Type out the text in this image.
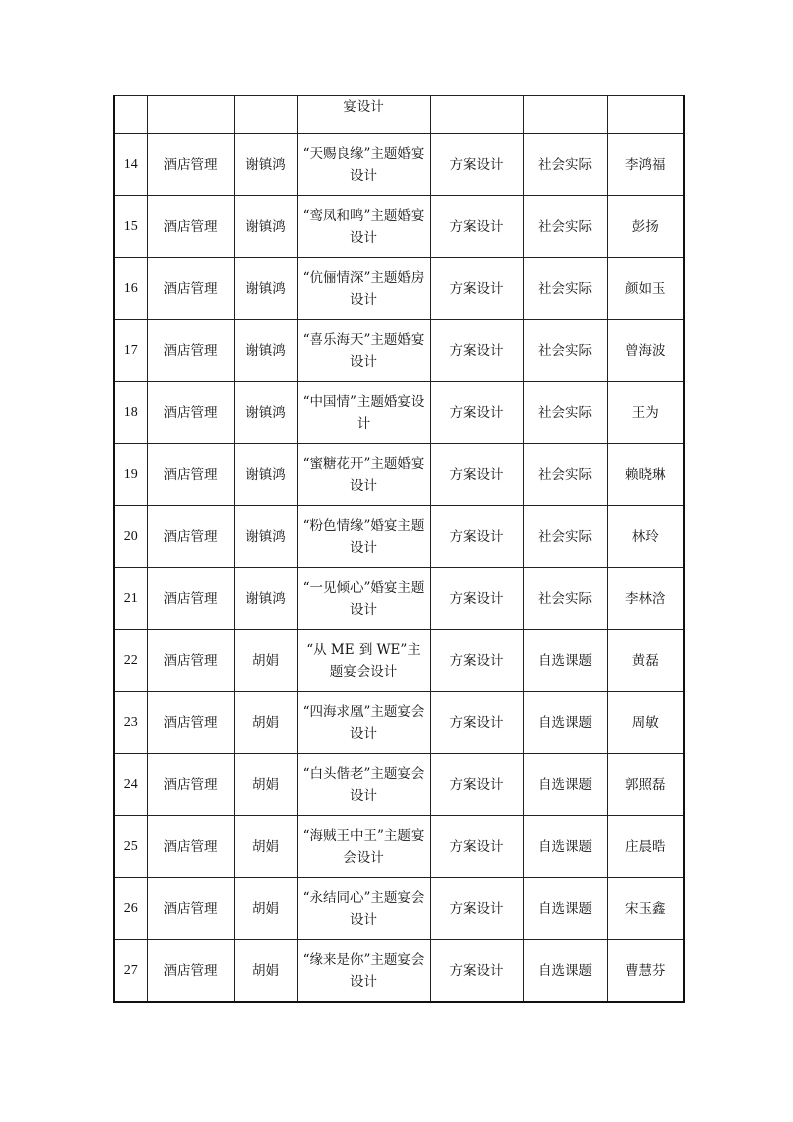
			宴设计			
14	酒店管理	谢镇鸿	“天赐良缘”主题婚宴设计	方案设计	社会实际	李鸿福
15	酒店管理	谢镇鸿	“鸾凤和鸣”主题婚宴设计	方案设计	社会实际	彭扬
16	酒店管理	谢镇鸿	“伉俪情深”主题婚房设计	方案设计	社会实际	颜如玉
17	酒店管理	谢镇鸿	“喜乐海天”主题婚宴设计	方案设计	社会实际	曾海波
18	酒店管理	谢镇鸿	“中国情”主题婚宴设计	方案设计	社会实际	王为
19	酒店管理	谢镇鸿	“蜜糖花开”主题婚宴设计	方案设计	社会实际	赖晓琳
20	酒店管理	谢镇鸿	“粉色情缘”婚宴主题设计	方案设计	社会实际	林玲
21	酒店管理	谢镇鸿	“一见倾心”婚宴主题设计	方案设计	社会实际	李林浛
22	酒店管理	胡娟	“从 ME 到 WE”主题宴会设计	方案设计	自选课题	黄磊
23	酒店管理	胡娟	“四海求凰”主题宴会设计	方案设计	自选课题	周敏
24	酒店管理	胡娟	“白头偕老”主题宴会设计	方案设计	自选课题	郭照磊
25	酒店管理	胡娟	“海贼王中王”主题宴会设计	方案设计	自选课题	庄晨晧
26	酒店管理	胡娟	“永结同心”主题宴会设计	方案设计	自选课题	宋玉鑫
27	酒店管理	胡娟	“缘来是你”主题宴会设计	方案设计	自选课题	曹慧芬
